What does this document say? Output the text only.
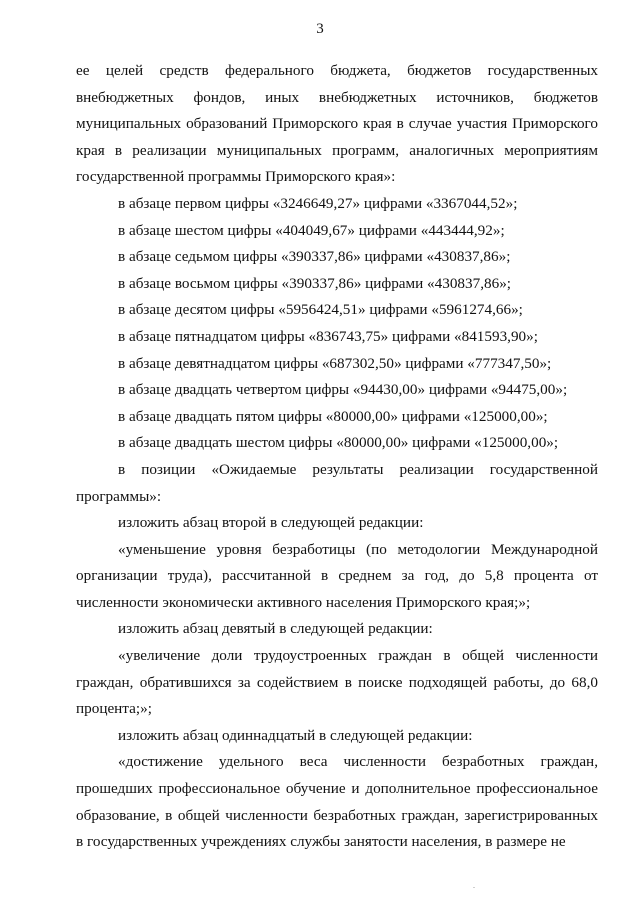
3

ее целей средств федерального бюджета, бюджетов государственных внебюджетных фондов, иных внебюджетных источников, бюджетов муниципальных образований Приморского края в случае участия Приморского края в реализации муниципальных программ, аналогичных мероприятиям государственной программы Приморского края»:

в абзаце первом цифры «3246649,27» цифрами «3367044,52»;

в абзаце шестом цифры «404049,67» цифрами «443444,92»;

в абзаце седьмом цифры «390337,86» цифрами «430837,86»;

в абзаце восьмом цифры «390337,86» цифрами «430837,86»;

в абзаце десятом цифры «5956424,51» цифрами «5961274,66»;

в абзаце пятнадцатом цифры «836743,75» цифрами «841593,90»;

в абзаце девятнадцатом цифры «687302,50» цифрами «777347,50»;

в абзаце двадцать четвертом цифры «94430,00» цифрами «94475,00»;

в абзаце двадцать пятом цифры «80000,00» цифрами «125000,00»;

в абзаце двадцать шестом цифры «80000,00» цифрами «125000,00»;

в позиции «Ожидаемые результаты реализации государственной программы»:

изложить абзац второй в следующей редакции:

«уменьшение уровня безработицы (по методологии Международной организации труда), рассчитанной в среднем за год, до 5,8 процента от численности экономически активного населения Приморского края;»;

изложить абзац девятый в следующей редакции:

«увеличение доли трудоустроенных граждан в общей численности граждан, обратившихся за содействием в поиске подходящей работы, до 68,0 процента;»;

изложить абзац одиннадцатый в следующей редакции:

«достижение удельного веса численности безработных граждан, прошедших профессиональное обучение и дополнительное профессиональное образование, в общей численности безработных граждан, зарегистрированных в государственных учреждениях службы занятости населения, в размере не
